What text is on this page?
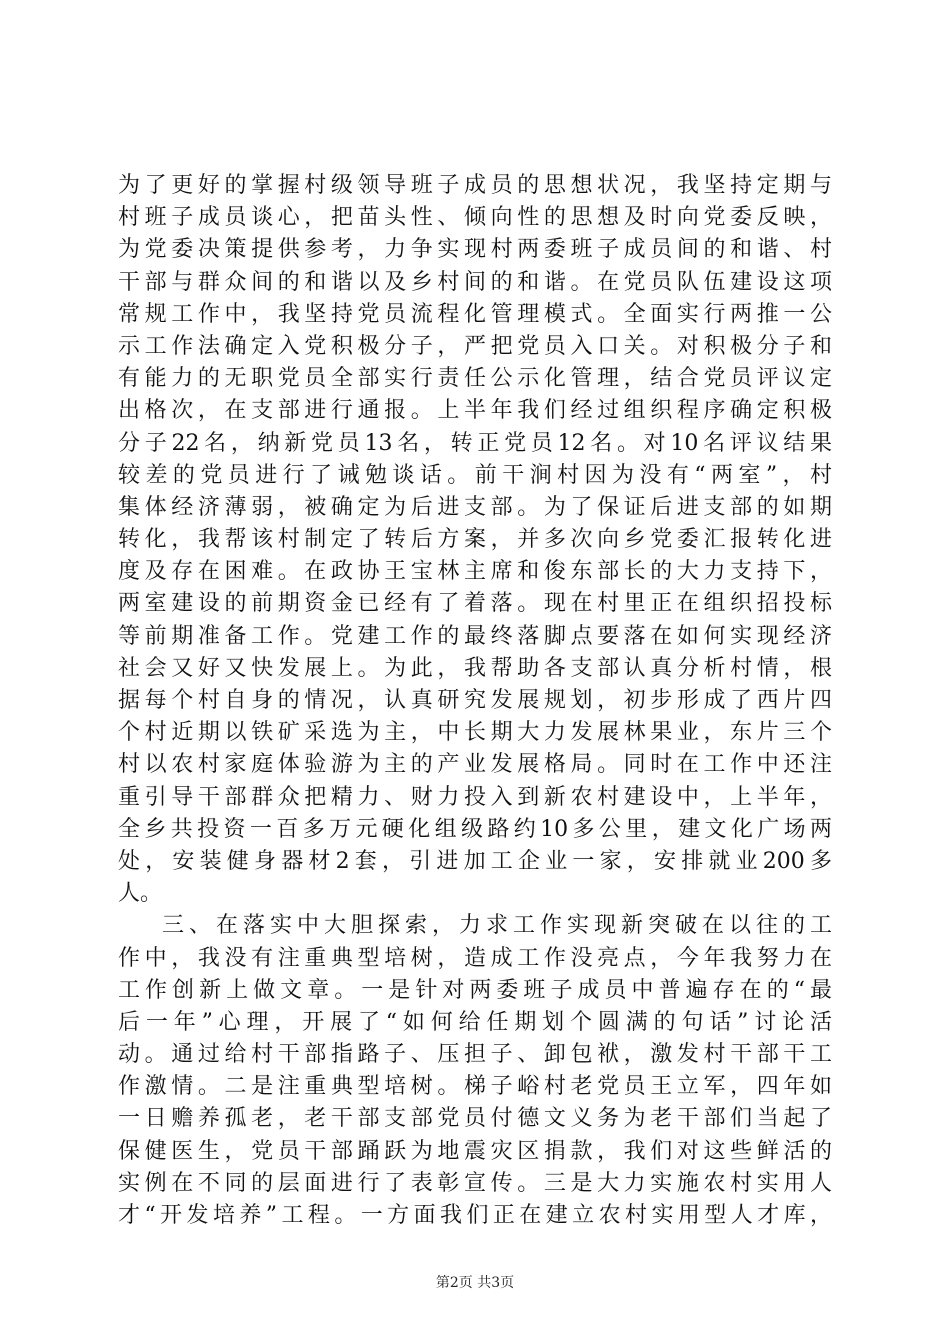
为了更好的掌握村级领导班子成员的思想状况，我坚持定期与
村班子成员谈心，把苗头性、倾向性的思想及时向党委反映，
为党委决策提供参考，力争实现村两委班子成员间的和谐、村
干部与群众间的和谐以及乡村间的和谐。在党员队伍建设这项
常规工作中，我坚持党员流程化管理模式。全面实行两推一公
示工作法确定入党积极分子，严把党员入口关。对积极分子和
有能力的无职党员全部实行责任公示化管理，结合党员评议定
出格次，在支部进行通报。上半年我们经过组织程序确定积极
分子22名，纳新党员13名，转正党员12名。对10名评议结果
较差的党员进行了诫勉谈话。前干涧村因为没有“两室”，村
集体经济薄弱，被确定为后进支部。为了保证后进支部的如期
转化，我帮该村制定了转后方案，并多次向乡党委汇报转化进
度及存在困难。在政协王宝林主席和俊东部长的大力支持下，
两室建设的前期资金已经有了着落。现在村里正在组织招投标
等前期准备工作。党建工作的最终落脚点要落在如何实现经济
社会又好又快发展上。为此，我帮助各支部认真分析村情，根
据每个村自身的情况，认真研究发展规划，初步形成了西片四
个村近期以铁矿采选为主，中长期大力发展林果业，东片三个
村以农村家庭体验游为主的产业发展格局。同时在工作中还注
重引导干部群众把精力、财力投入到新农村建设中，上半年，
全乡共投资一百多万元硬化组级路约10多公里，建文化广场两
处，安装健身器材2套，引进加工企业一家，安排就业200多
人。
三、在落实中大胆探索，力求工作实现新突破在以往的工
作中，我没有注重典型培树，造成工作没亮点，今年我努力在
工作创新上做文章。一是针对两委班子成员中普遍存在的“最
后一年”心理，开展了“如何给任期划个圆满的句话”讨论活
动。通过给村干部指路子、压担子、卸包袱，激发村干部干工
作激情。二是注重典型培树。梯子峪村老党员王立军，四年如
一日赡养孤老，老干部支部党员付德文义务为老干部们当起了
保健医生，党员干部踊跃为地震灾区捐款，我们对这些鲜活的
实例在不同的层面进行了表彰宣传。三是大力实施农村实用人
才“开发培养”工程。一方面我们正在建立农村实用型人才库，
第2页 共3页
